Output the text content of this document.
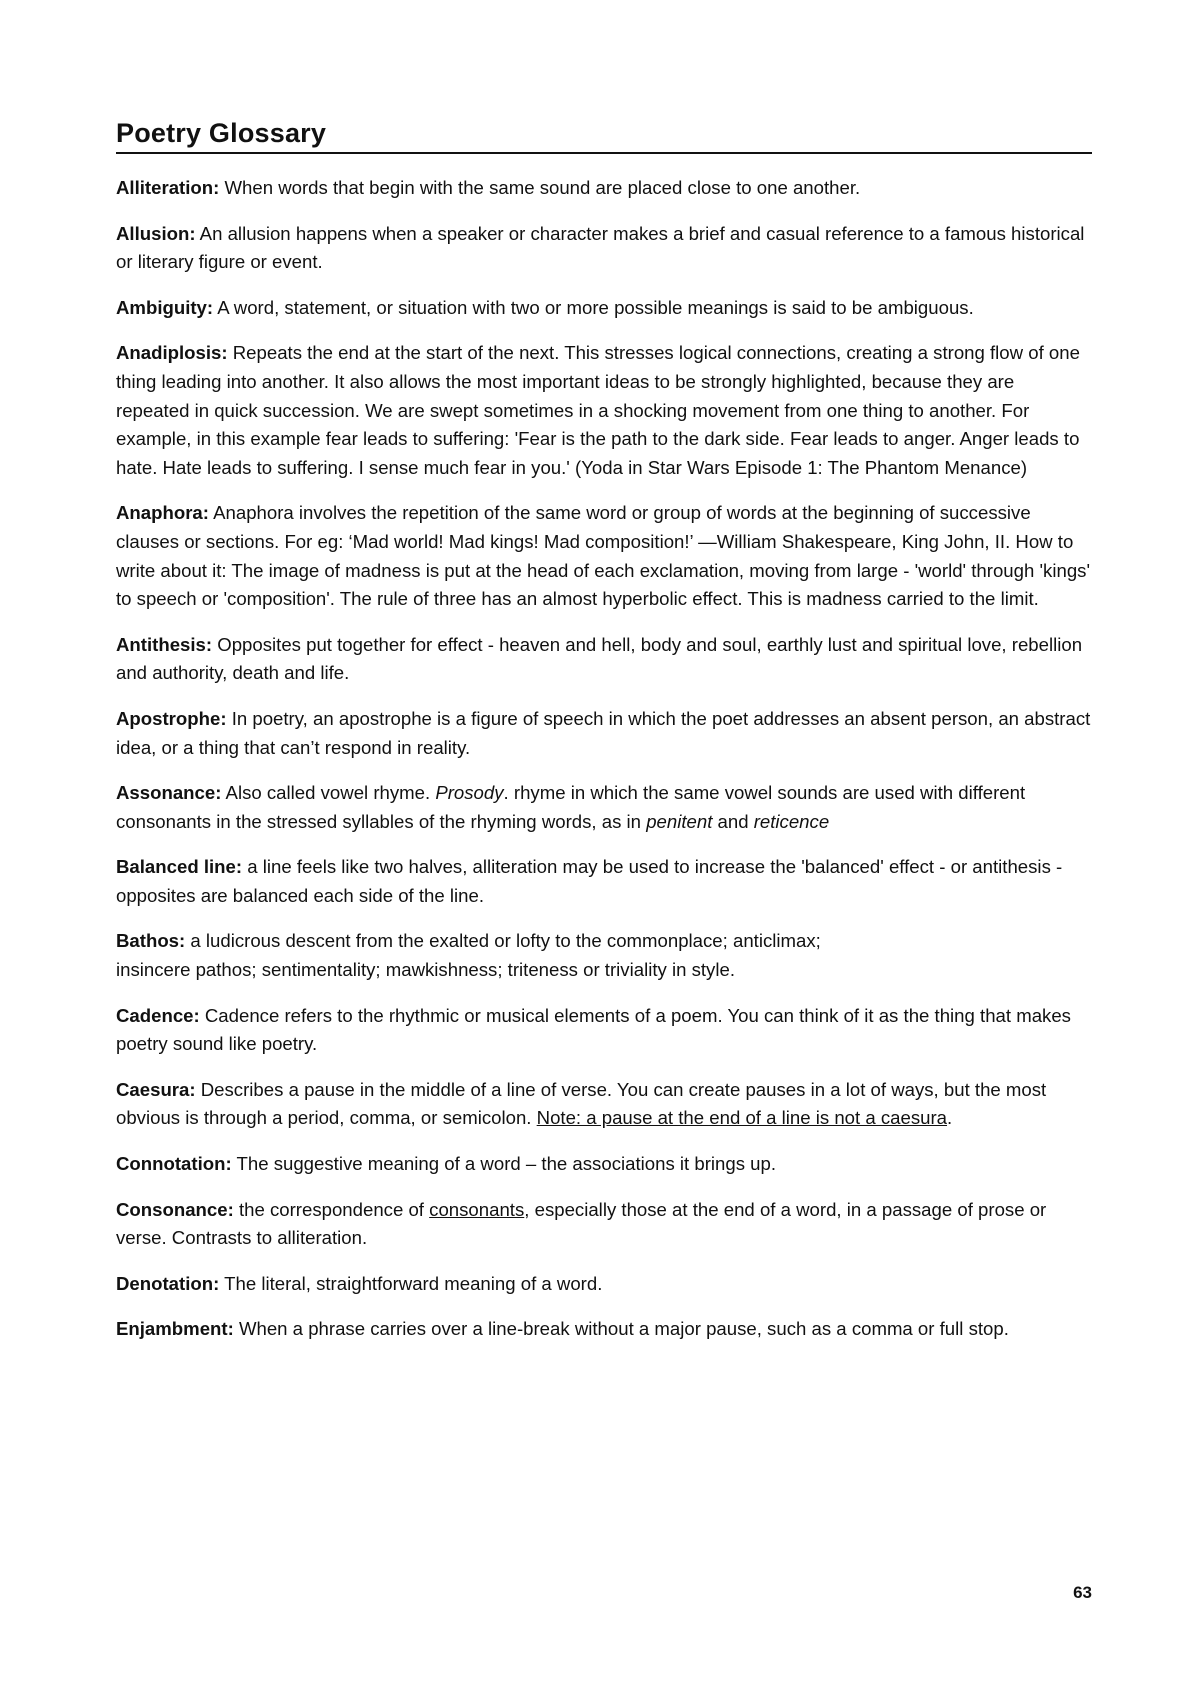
Poetry Glossary

Alliteration: When words that begin with the same sound are placed close to one another.

Allusion: An allusion happens when a speaker or character makes a brief and casual reference to a famous historical or literary figure or event.

Ambiguity: A word, statement, or situation with two or more possible meanings is said to be ambiguous.

Anadiplosis: Repeats the end at the start of the next. This stresses logical connections, creating a strong flow of one thing leading into another. It also allows the most important ideas to be strongly highlighted, because they are repeated in quick succession. We are swept sometimes in a shocking movement from one thing to another. For example, in this example fear leads to suffering: 'Fear is the path to the dark side. Fear leads to anger. Anger leads to hate. Hate leads to suffering. I sense much fear in you.' (Yoda in Star Wars Episode 1: The Phantom Menance)

Anaphora: Anaphora involves the repetition of the same word or group of words at the beginning of successive clauses or sections. For eg: ‘Mad world! Mad kings! Mad composition!’ —William Shakespeare, King John, II. How to write about it: The image of madness is put at the head of each exclamation, moving from large - 'world' through 'kings' to speech or 'composition'. The rule of three has an almost hyperbolic effect. This is madness carried to the limit.

Antithesis: Opposites put together for effect - heaven and hell, body and soul, earthly lust and spiritual love, rebellion and authority, death and life.

Apostrophe: In poetry, an apostrophe is a figure of speech in which the poet addresses an absent person, an abstract idea, or a thing that can’t respond in reality.

Assonance: Also called vowel rhyme. Prosody. rhyme in which the same vowel sounds are used with different consonants in the stressed syllables of the rhyming words, as in penitent and reticence

Balanced line: a line feels like two halves, alliteration may be used to increase the 'balanced' effect - or antithesis - opposites are balanced each side of the line.

Bathos: a ludicrous descent from the exalted or lofty to the commonplace; anticlimax;
insincere pathos; sentimentality; mawkishness; triteness or triviality in style.

Cadence: Cadence refers to the rhythmic or musical elements of a poem. You can think of it as the thing that makes poetry sound like poetry.

Caesura: Describes a pause in the middle of a line of verse. You can create pauses in a lot of ways, but the most obvious is through a period, comma, or semicolon. Note: a pause at the end of a line is not a caesura.

Connotation: The suggestive meaning of a word – the associations it brings up.

Consonance: the correspondence of consonants, especially those at the end of a word, in a passage of prose or verse. Contrasts to alliteration.

Denotation: The literal, straightforward meaning of a word.

Enjambment: When a phrase carries over a line-break without a major pause, such as a comma or full stop.

63
